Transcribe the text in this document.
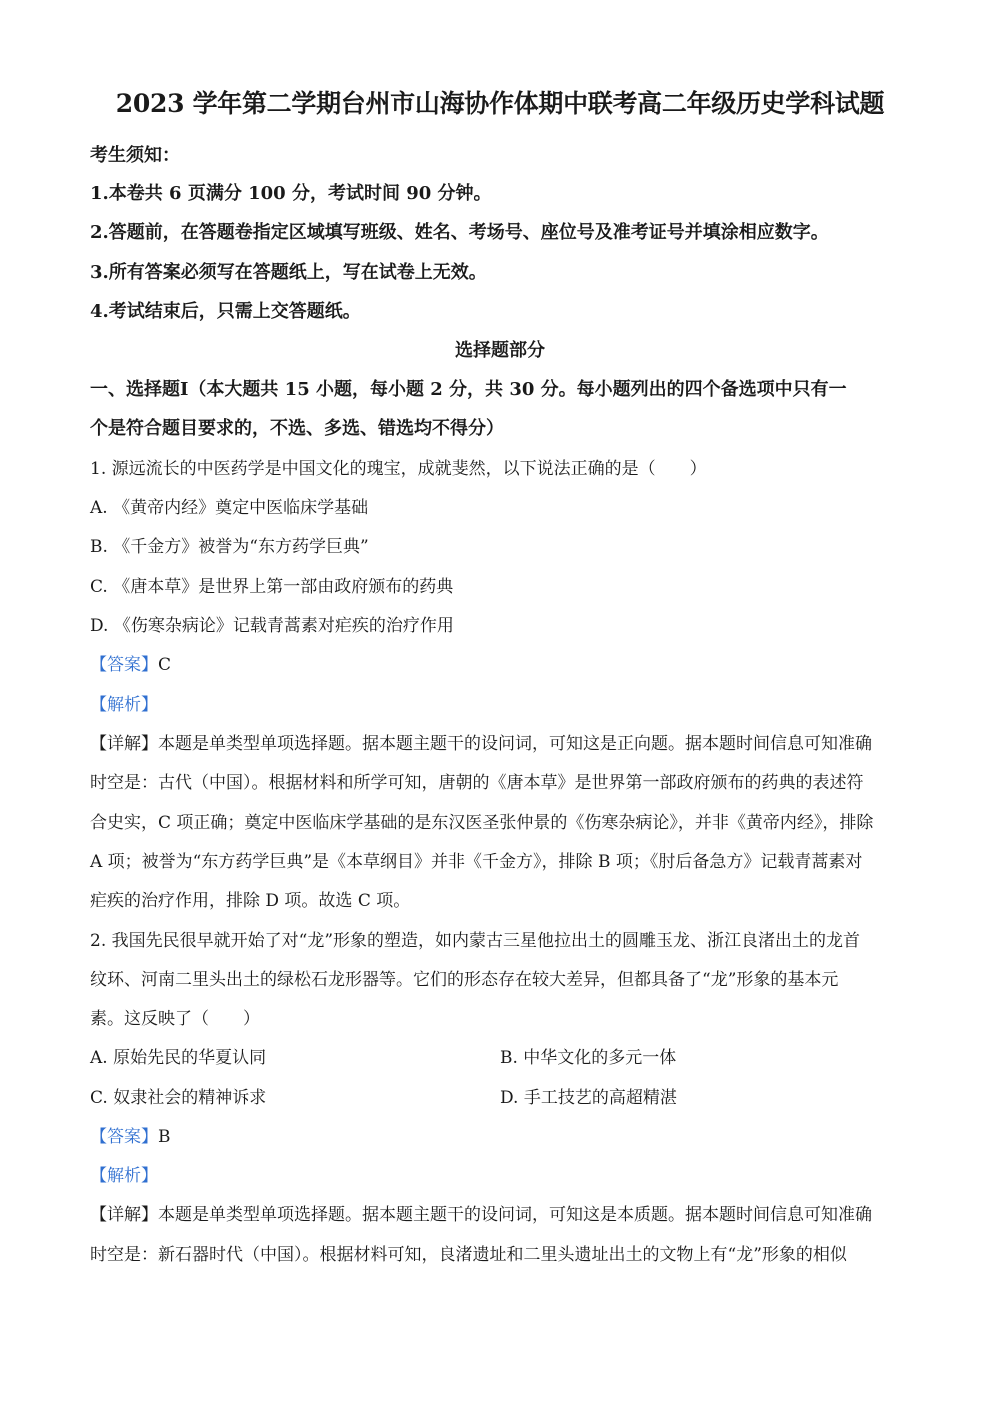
2023 学年第二学期台州市山海协作体期中联考高二年级历史学科试题
考生须知：
1.本卷共 6 页满分 100 分，考试时间 90 分钟。
2.答题前，在答题卷指定区域填写班级、姓名、考场号、座位号及准考证号并填涂相应数字。
3.所有答案必须写在答题纸上，写在试卷上无效。
4.考试结束后，只需上交答题纸。
选择题部分
一、选择题Ⅰ（本大题共 15 小题，每小题 2 分，共 30 分。每小题列出的四个备选项中只有一
个是符合题目要求的，不选、多选、错选均不得分）
1. 源远流长的中医药学是中国文化的瑰宝，成就斐然，以下说法正确的是（　　）
A. 《黄帝内经》奠定中医临床学基础
B. 《千金方》被誉为“东方药学巨典”
C. 《唐本草》是世界上第一部由政府颁布的药典
D. 《伤寒杂病论》记载青蒿素对疟疾的治疗作用
【答案】C
【解析】
【详解】本题是单类型单项选择题。据本题主题干的设问词，可知这是正向题。据本题时间信息可知准确
时空是：古代（中国）。根据材料和所学可知，唐朝的《唐本草》是世界第一部政府颁布的药典的表述符
合史实，C 项正确；奠定中医临床学基础的是东汉医圣张仲景的《伤寒杂病论》，并非《黄帝内经》，排除
A 项；被誉为“东方药学巨典”是《本草纲目》并非《千金方》，排除 B 项；《肘后备急方》记载青蒿素对
疟疾的治疗作用，排除 D 项。故选 C 项。
2. 我国先民很早就开始了对“龙”形象的塑造，如内蒙古三星他拉出土的圆雕玉龙、浙江良渚出土的龙首
纹环、河南二里头出土的绿松石龙形器等。它们的形态存在较大差异，但都具备了“龙”形象的基本元
素。这反映了（　　）
A. 原始先民的华夏认同	B. 中华文化的多元一体
C. 奴隶社会的精神诉求	D. 手工技艺的高超精湛
【答案】B
【解析】
【详解】本题是单类型单项选择题。据本题主题干的设问词，可知这是本质题。据本题时间信息可知准确
时空是：新石器时代（中国）。根据材料可知，良渚遗址和二里头遗址出土的文物上有“龙”形象的相似
